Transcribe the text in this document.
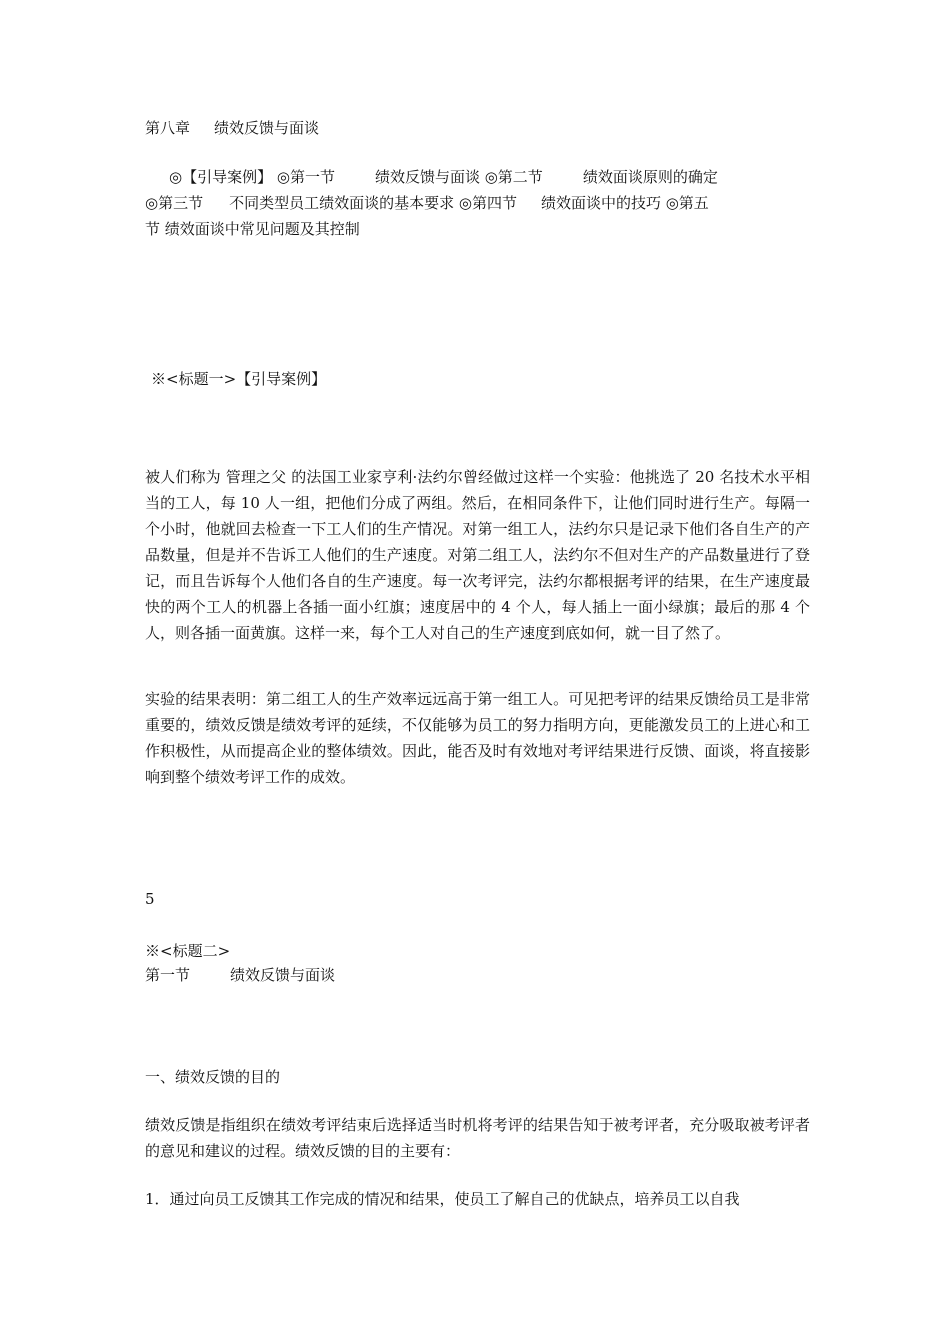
第八章 绩效反馈与面谈
◎【引导案例】 ◎第一节	绩效反馈与面谈 ◎第二节	绩效面谈原则的确定
◎第三节 不同类型员工绩效面谈的基本要求 ◎第四节 绩效面谈中的技巧 ◎第五
节 绩效面谈中常见问题及其控制
※<标题一>【引导案例】
被人们称为 管理之父 的法国工业家亨利·法约尔曾经做过这样一个实验：他挑选了 20 名技术水平相当的工人，每 10 人一组，把他们分成了两组。然后，在相同条件下，让他们同时进行生产。每隔一个小时，他就回去检查一下工人们的生产情况。对第一组工人，法约尔只是记录下他们各自生产的产品数量，但是并不告诉工人他们的生产速度。对第二组工人，法约尔不但对生产的产品数量进行了登记，而且告诉每个人他们各自的生产速度。每一次考评完，法约尔都根据考评的结果，在生产速度最快的两个工人的机器上各插一面小红旗；速度居中的 4 个人，每人插上一面小绿旗；最后的那 4 个人，则各插一面黄旗。这样一来，每个工人对自己的生产速度到底如何，就一目了然了。
实验的结果表明：第二组工人的生产效率远远高于第一组工人。可见把考评的结果反馈给员工是非常重要的，绩效反馈是绩效考评的延续，不仅能够为员工的努力指明方向，更能激发员工的上进心和工作积极性，从而提高企业的整体绩效。因此，能否及时有效地对考评结果进行反馈、面谈，将直接影响到整个绩效考评工作的成效。
5
※<标题二>
第一节	绩效反馈与面谈
一、绩效反馈的目的
绩效反馈是指组织在绩效考评结束后选择适当时机将考评的结果告知于被考评者，充分吸取被考评者的意见和建议的过程。绩效反馈的目的主要有：
1．通过向员工反馈其工作完成的情况和结果，使员工了解自己的优缺点，培养员工以自我
